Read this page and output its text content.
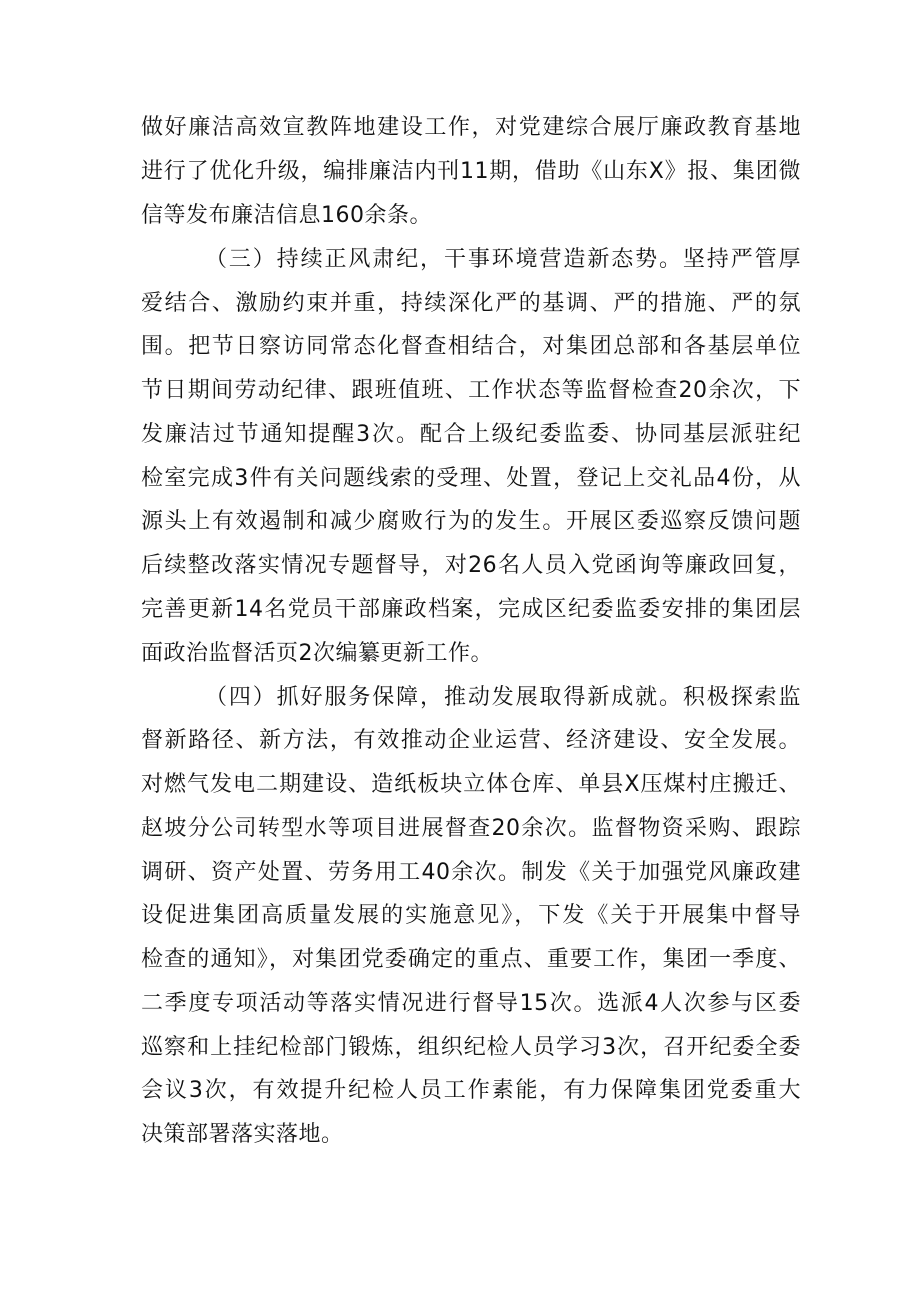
做好廉洁高效宣教阵地建设工作，对党建综合展厅廉政教育基地
进行了优化升级，编排廉洁内刊11期，借助《山东X》报、集团微
信等发布廉洁信息160余条。
（三）持续正风肃纪，干事环境营造新态势。坚持严管厚
爱结合、激励约束并重，持续深化严的基调、严的措施、严的氛
围。把节日察访同常态化督查相结合，对集团总部和各基层单位
节日期间劳动纪律、跟班值班、工作状态等监督检查20余次，下
发廉洁过节通知提醒3次。配合上级纪委监委、协同基层派驻纪
检室完成3件有关问题线索的受理、处置，登记上交礼品4份，从
源头上有效遏制和减少腐败行为的发生。开展区委巡察反馈问题
后续整改落实情况专题督导，对26名人员入党函询等廉政回复，
完善更新14名党员干部廉政档案，完成区纪委监委安排的集团层
面政治监督活页2次编纂更新工作。
（四）抓好服务保障，推动发展取得新成就。积极探索监
督新路径、新方法，有效推动企业运营、经济建设、安全发展。
对燃气发电二期建设、造纸板块立体仓库、单县X压煤村庄搬迁、
赵坡分公司转型水等项目进展督查20余次。监督物资采购、跟踪
调研、资产处置、劳务用工40余次。制发《关于加强党风廉政建
设促进集团高质量发展的实施意见》，下发《关于开展集中督导
检查的通知》，对集团党委确定的重点、重要工作，集团一季度、
二季度专项活动等落实情况进行督导15次。选派4人次参与区委
巡察和上挂纪检部门锻炼，组织纪检人员学习3次，召开纪委全委
会议3次，有效提升纪检人员工作素能，有力保障集团党委重大
决策部署落实落地。
